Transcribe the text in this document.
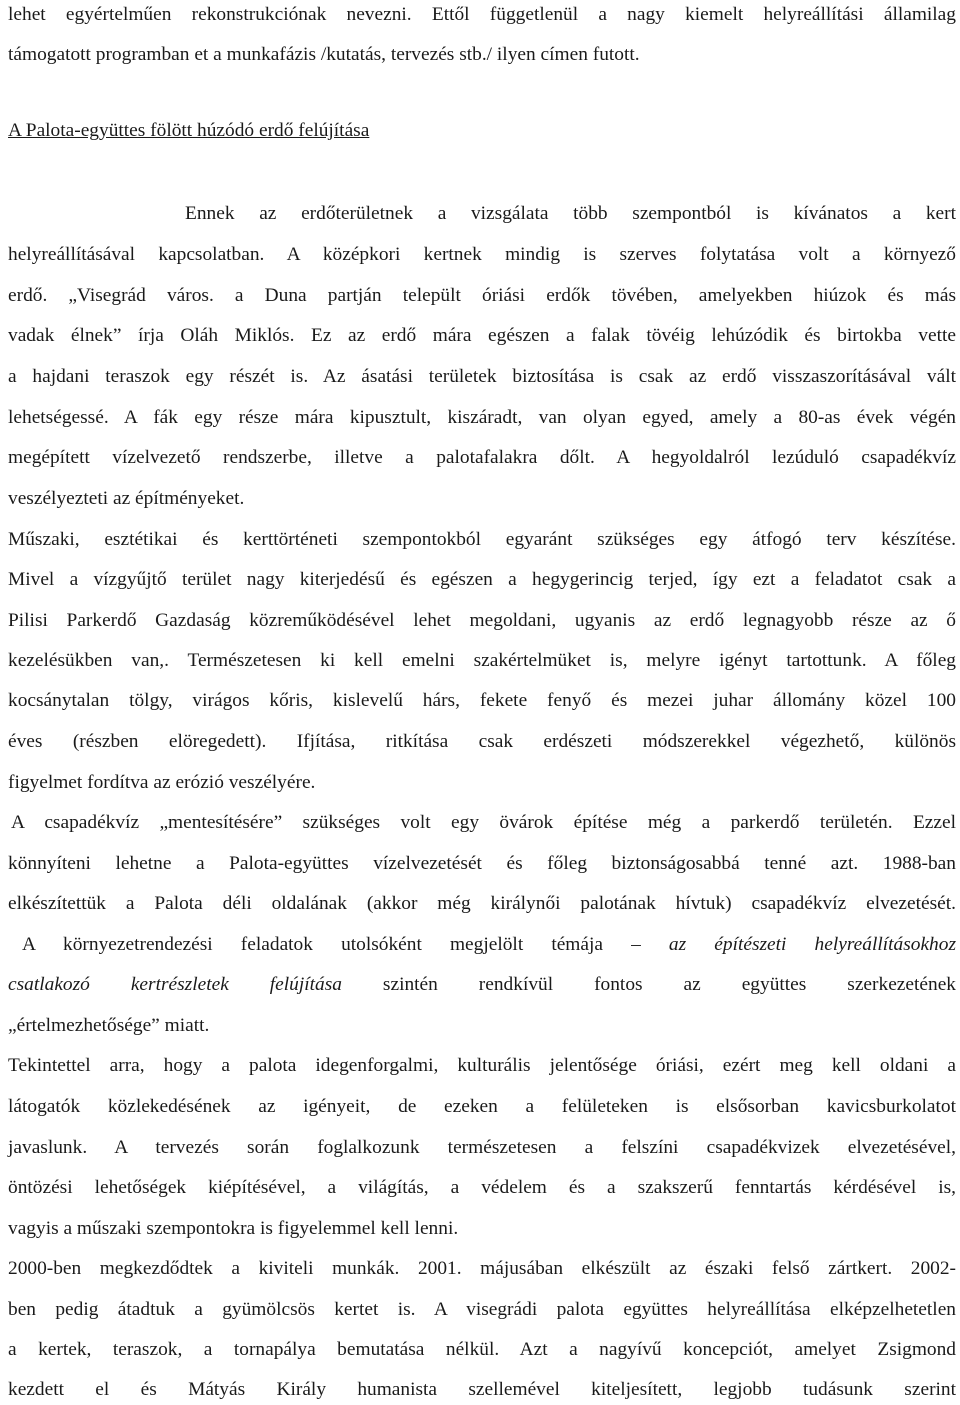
lehet egyértelműen rekonstrukciónak nevezni. Ettől függetlenül a nagy kiemelt helyreállítási államilag
támogatott programban et a munkafázis /kutatás, tervezés stb./ ilyen címen futott.
A Palota-együttes fölött húzódó erdő felújítása
Ennek az erdőterületnek a vizsgálata több szempontból is kívánatos a kert
helyreállításával kapcsolatban. A középkori kertnek mindig is szerves folytatása volt a környező
erdő. „Visegrád város. a Duna partján települt óriási erdők tövében, amelyekben hiúzok és más
vadak élnek” írja Oláh Miklós. Ez az erdő mára egészen a falak tövéig lehúzódik és birtokba vette
a hajdani teraszok egy részét is. Az ásatási területek biztosítása is csak az erdő visszaszorításával vált
lehetségessé. A fák egy része mára kipusztult, kiszáradt, van olyan egyed, amely a 80-as évek végén
megépített vízelvezető rendszerbe, illetve a palotafalakra dőlt. A hegyoldalról lezúduló csapadékvíz
veszélyezteti az építményeket.
Műszaki, esztétikai és kerttörténeti szempontokból egyaránt szükséges egy átfogó terv készítése.
Mivel a vízgyűjtő terület nagy kiterjedésű és egészen a hegygerincig terjed, így ezt a feladatot csak a
Pilisi Parkerdő Gazdaság közreműködésével lehet megoldani, ugyanis az erdő legnagyobb része az ő
kezelésükben van,. Természetesen ki kell emelni szakértelmüket is, melyre igényt tartottunk. A főleg
kocsánytalan tölgy, virágos kőris, kislevelű hárs, fekete fenyő és mezei juhar állomány közel 100
éves (részben elöregedett). Ifjítása, ritkítása csak erdészeti módszerekkel végezhető, különös
figyelmet fordítva az erózió veszélyére.
A csapadékvíz „mentesítésére” szükséges volt egy övárok építése még a parkerdő területén. Ezzel
könnyíteni lehetne a Palota-együttes vízelvezetését és főleg biztonságosabbá tenné azt. 1988-ban
elkészítettük a Palota déli oldalának (akkor még királynői palotának hívtuk) csapadékvíz elvezetését.
A környezetrendezési feladatok utolsóként megjelölt témája – az építészeti helyreállításokhoz
csatlakozó kertrészletek felújítása szintén rendkívül fontos az együttes szerkezetének
„értelmezhetősége” miatt.
Tekintettel arra, hogy a palota idegenforgalmi, kulturális jelentősége óriási, ezért meg kell oldani a
látogatók közlekedésének az igényeit, de ezeken a felületeken is elsősorban kavicsburkolatot
javaslunk. A tervezés során foglalkozunk természetesen a felszíni csapadékvizek elvezetésével,
öntözési lehetőségek kiépítésével, a világítás, a védelem és a szakszerű fenntartás kérdésével is,
vagyis a műszaki szempontokra is figyelemmel kell lenni.
2000-ben megkezdődtek a kiviteli munkák. 2001. májusában elkészült az északi felső zártkert. 2002-
ben pedig átadtuk a gyümölcsös kertet is. A visegrádi palota együttes helyreállítása elképzelhetetlen
a kertek, teraszok, a tornapálya bemutatása nélkül. Azt a nagyívű koncepciót, amelyet Zsigmond
kezdett el és Mátyás Király humanista szellemével kiteljesített, legjobb tudásunk szerint
